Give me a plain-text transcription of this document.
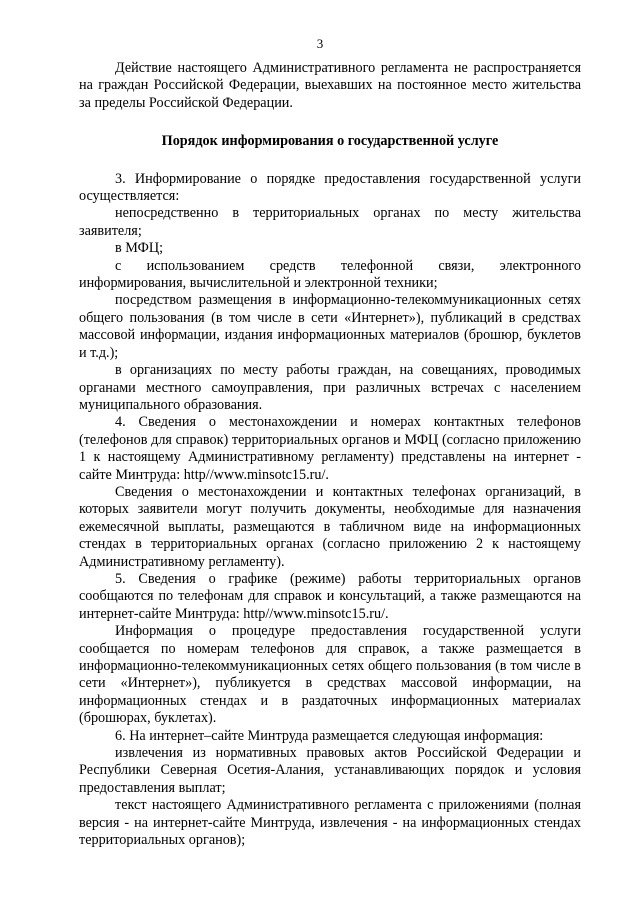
3

Действие настоящего Административного регламента не распространяется на граждан Российской Федерации, выехавших на постоянное место жительства за пределы Российской Федерации.

Порядок информирования о государственной услуге

3. Информирование о порядке предоставления государственной услуги осуществляется:

непосредственно в территориальных органах по месту жительства заявителя;

в МФЦ;

с использованием средств телефонной связи, электронного информирования, вычислительной и электронной техники;

посредством размещения в информационно-телекоммуникационных сетях общего пользования (в том числе в сети «Интернет»), публикаций в средствах массовой информации, издания информационных материалов (брошюр, буклетов и т.д.);

в организациях по месту работы граждан, на совещаниях, проводимых органами местного самоуправления, при различных встречах с населением муниципального образования.

4. Сведения о местонахождении и номерах контактных телефонов (телефонов для справок) территориальных органов и МФЦ (согласно приложению 1 к настоящему Административному регламенту) представлены на интернет - сайте Минтруда: http//www.minsotc15.ru/.

Сведения о местонахождении и контактных телефонах организаций, в которых заявители могут получить документы, необходимые для назначения ежемесячной выплаты, размещаются в табличном виде на информационных стендах в территориальных органах (согласно приложению 2 к настоящему Административному регламенту).

5. Сведения о графике (режиме) работы территориальных органов сообщаются по телефонам для справок и консультаций, а также размещаются на интернет-сайте Минтруда: http//www.minsotc15.ru/.

Информация о процедуре предоставления государственной услуги сообщается по номерам телефонов для справок, а также размещается в информационно-телекоммуникационных сетях общего пользования (в том числе в сети «Интернет»), публикуется в средствах массовой информации, на информационных стендах и в раздаточных информационных материалах (брошюрах, буклетах).

6. На интернет–сайте Минтруда размещается следующая информация:

извлечения из нормативных правовых актов Российской Федерации и Республики Северная Осетия-Алания, устанавливающих порядок и условия предоставления выплат;

текст настоящего Административного регламента с приложениями (полная версия - на интернет-сайте Минтруда, извлечения - на информационных стендах территориальных органов);
